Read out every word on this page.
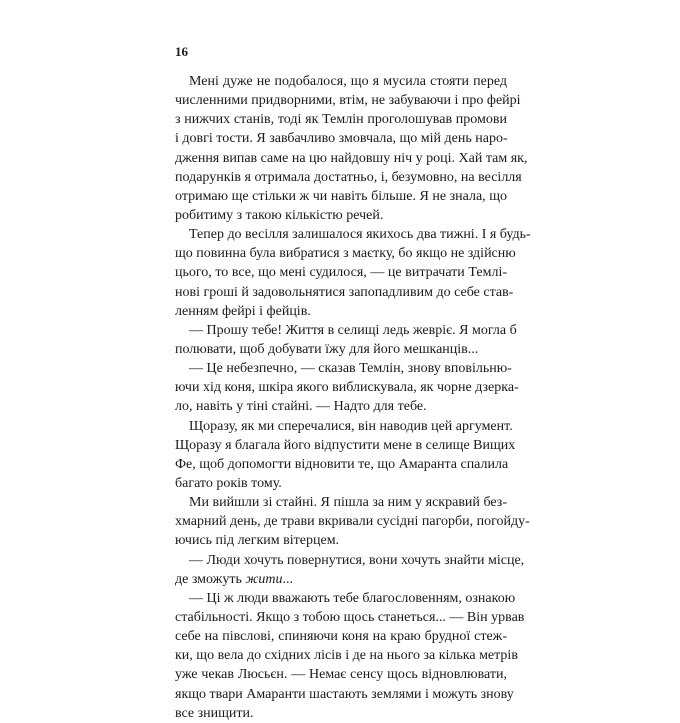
16
Мені дуже не подобалося, що я мусила стояти перед
численними придворними, втім, не забуваючи і про фейрі
з нижчих станів, тоді як Темлін проголошував промови
і довгі тости. Я завбачливо змовчала, що мій день наро-
дження випав саме на цю найдовшу ніч у році. Хай там як,
подарунків я отримала достатньо, і, безумовно, на весілля
отримаю ще стільки ж чи навіть більше. Я не знала, що
робитиму з такою кількістю речей.
Тепер до весілля залишалося якихось два тижні. І я будь-
що повинна була вибратися з маєтку, бо якщо не здійсню
цього, то все, що мені судилося, — це витрачати Темлі-
нові гроші й задовольнятися запопадливим до себе став-
ленням фейрі і фейців.
— Прошу тебе! Життя в селищі ледь жевріє. Я могла б
полювати, щоб добувати їжу для його мешканців...
— Це небезпечно, — сказав Темлін, знову вповільню-
ючи хід коня, шкіра якого виблискувала, як чорне дзерка-
ло, навіть у тіні стайні. — Надто для тебе.
Щоразу, як ми сперечалися, він наводив цей аргумент.
Щоразу я благала його відпустити мене в селище Вищих
Фе, щоб допомогти відновити те, що Амаранта спалила
багато років тому.
Ми вийшли зі стайні. Я пішла за ним у яскравий без-
хмарний день, де трави вкривали сусідні пагорби, погойду-
ючись під легким вітерцем.
— Люди хочуть повернутися, вони хочуть знайти місце,
де зможуть жити...
— Ці ж люди вважають тебе благословенням, ознакою
стабільності. Якщо з тобою щось станеться... — Він урвав
себе на півслові, спиняючи коня на краю брудної стеж-
ки, що вела до східних лісів і де на нього за кілька метрів
уже чекав Люсьєн. — Немає сенсу щось відновлювати,
якщо твари Амаранти шастають землями і можуть знову
все знищити.
